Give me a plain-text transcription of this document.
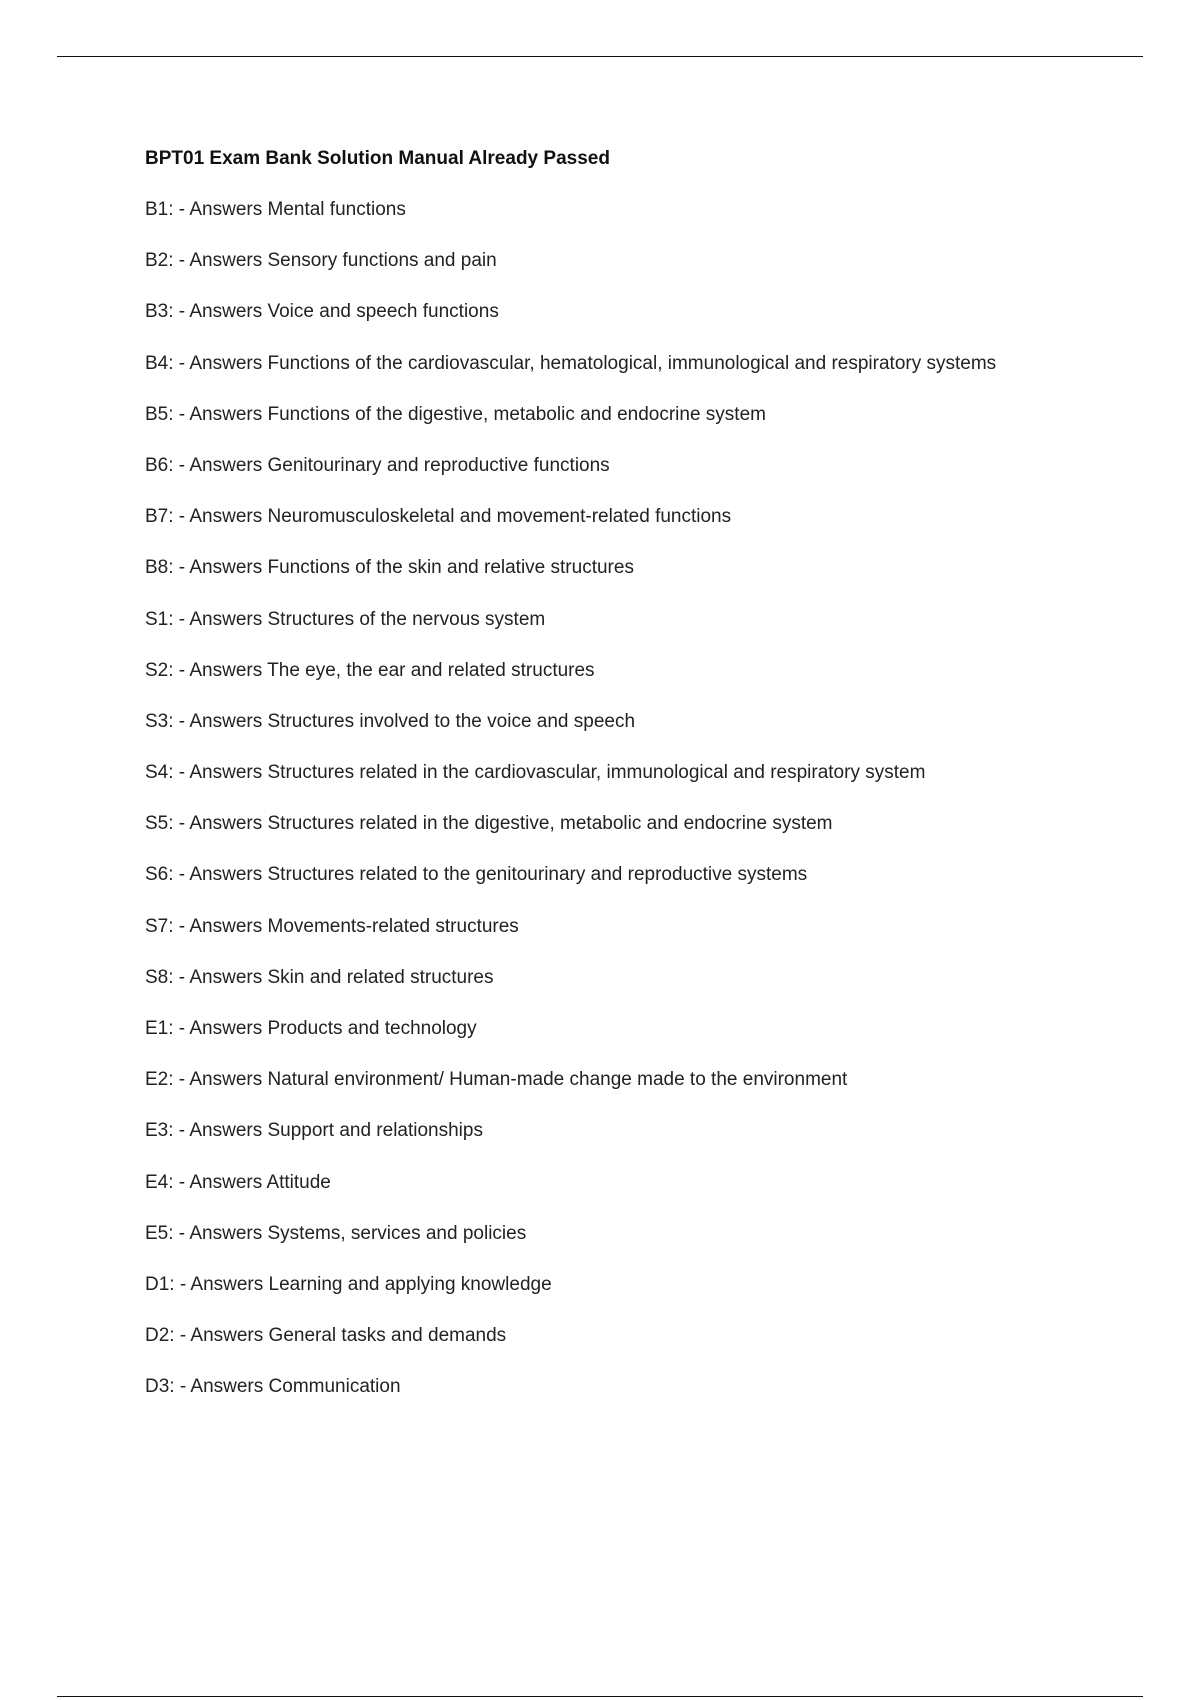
BPT01 Exam Bank Solution Manual Already Passed
B1: - Answers Mental functions
B2: - Answers Sensory functions and pain
B3: - Answers Voice and speech functions
B4: - Answers Functions of the cardiovascular, hematological, immunological and respiratory systems
B5: - Answers Functions of the digestive, metabolic and endocrine system
B6: - Answers Genitourinary and reproductive functions
B7: - Answers Neuromusculoskeletal and movement-related functions
B8: - Answers Functions of the skin and relative structures
S1: - Answers Structures of the nervous system
S2: - Answers The eye, the ear and related structures
S3: - Answers Structures involved to the voice and speech
S4: - Answers Structures related in the cardiovascular, immunological and respiratory system
S5: - Answers Structures related in the digestive, metabolic and endocrine system
S6: - Answers Structures related to the genitourinary and reproductive systems
S7: - Answers Movements-related structures
S8: - Answers Skin and related structures
E1: - Answers Products and technology
E2: - Answers Natural environment/ Human-made change made to the environment
E3: - Answers Support and relationships
E4: - Answers Attitude
E5: - Answers Systems, services and policies
D1: - Answers Learning and applying knowledge
D2: - Answers General tasks and demands
D3: - Answers Communication
